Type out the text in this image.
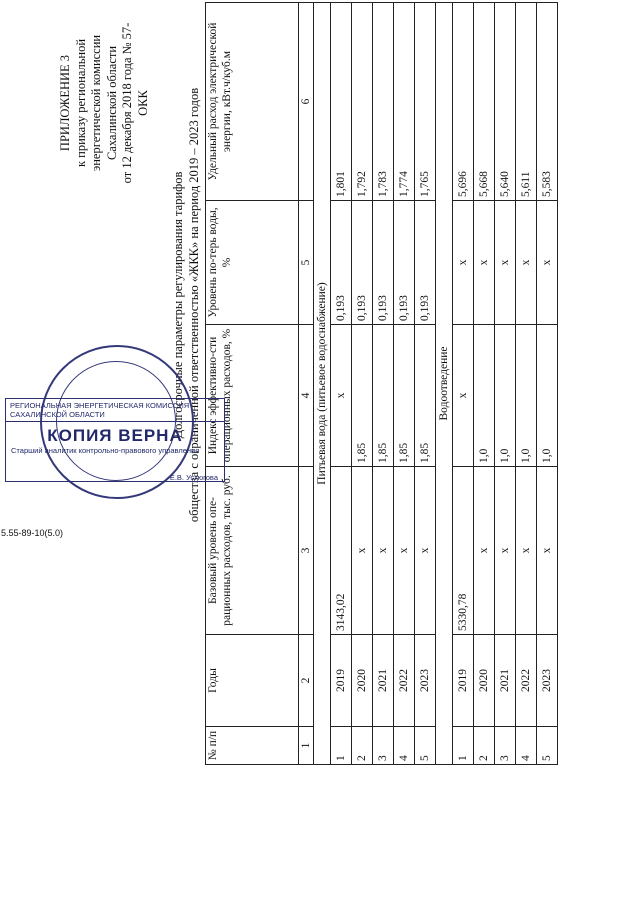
ПРИЛОЖЕНИЕ 3 к приказу региональной энергетической комиссии Сахалинской области от 12 декабря 2018 года № 57-ОКК
Долгосрочные параметры регулирования тарифов общества с ограниченной ответственностью «ЖКК» на период 2019 – 2023 годов
№ п/п	Годы	Базовый уровень опе-рационных расходов, тыс. руб.	Индекс эффективно-сти операционных расходов, %	Уровень по-терь воды, %	Удельный расход электрической энергии, кВт.ч/куб.м
1	2	3	4	5	6
Питьевая вода (питьевое водоснабжение)					
1	2019	3143,02	х	0,193	1,801
2	2020	х	1,85	0,193	1,792
3	2021	х	1,85	0,193	1,783
4	2022	х	1,85	0,193	1,774
5	2023	х	1,85	0,193	1,765
Водоотведение					
1	2019	5330,78	х	х	5,696
2	2020	х	1,0	х	5,668
3	2021	х	1,0	х	5,640
4	2022	х	1,0	х	5,611
5	2023	х	1,0	х	5,583
РЕГИОНАЛЬНАЯ ЭНЕРГЕТИЧЕСКАЯ КОМИССИЯ САХАЛИНСКОЙ ОБЛАСТИ
КОПИЯ ВЕРНА
Старший аналитик контрольно-правового управления
Е.В. Устюгова
5.55-89-10(5.0)
